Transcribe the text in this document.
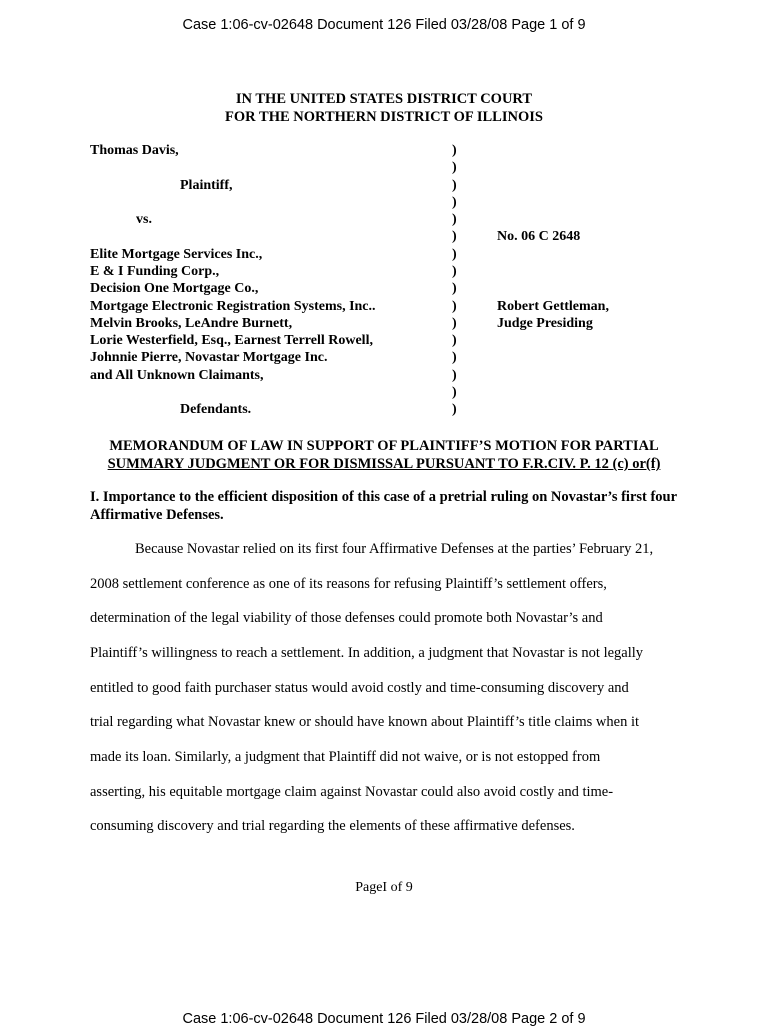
Case 1:06-cv-02648 Document 126 Filed 03/28/08 Page 1 of 9
IN THE UNITED STATES DISTRICT COURT
FOR THE NORTHERN DISTRICT OF ILLINOIS
Thomas Davis,
Plaintiff,
vs.
Elite Mortgage Services Inc.,
E & I Funding Corp.,
Decision One Mortgage Co.,
Mortgage Electronic Registration Systems, Inc..
Melvin Brooks, LeAndre Burnett,
Lorie Westerfield, Esq., Earnest Terrell Rowell,
Johnnie Pierre, Novastar Mortgage Inc.
and All Unknown Claimants,
Defendants.
)
)
)
)
)
)
)
)
)
)
)
)
)
)
)
)
No. 06 C 2648
Robert Gettleman,
Judge Presiding
MEMORANDUM OF LAW IN SUPPORT OF PLAINTIFF’S MOTION FOR PARTIAL
SUMMARY JUDGMENT OR FOR DISMISSAL PURSUANT TO F.R.CIV. P. 12 (c) or(f)
I. Importance to the efficient disposition of this case of a pretrial ruling on Novastar’s first four Affirmative Defenses.
Because Novastar relied on its first four Affirmative Defenses at the parties’ February 21,
2008 settlement conference as one of its reasons for refusing Plaintiff’s settlement offers,
determination of the legal viability of those defenses could promote both Novastar’s and
Plaintiff’s willingness to reach a settlement. In addition, a judgment that Novastar is not legally
entitled to good faith purchaser status would avoid costly and time-consuming discovery and
trial regarding what Novastar knew or should have known about Plaintiff’s title claims when it
made its loan. Similarly, a judgment that Plaintiff did not waive, or is not estopped from
asserting, his equitable mortgage claim against Novastar could also avoid costly and time-
consuming discovery and trial regarding the elements of these affirmative defenses.
PageI of 9
Case 1:06-cv-02648 Document 126 Filed 03/28/08 Page 2 of 9
